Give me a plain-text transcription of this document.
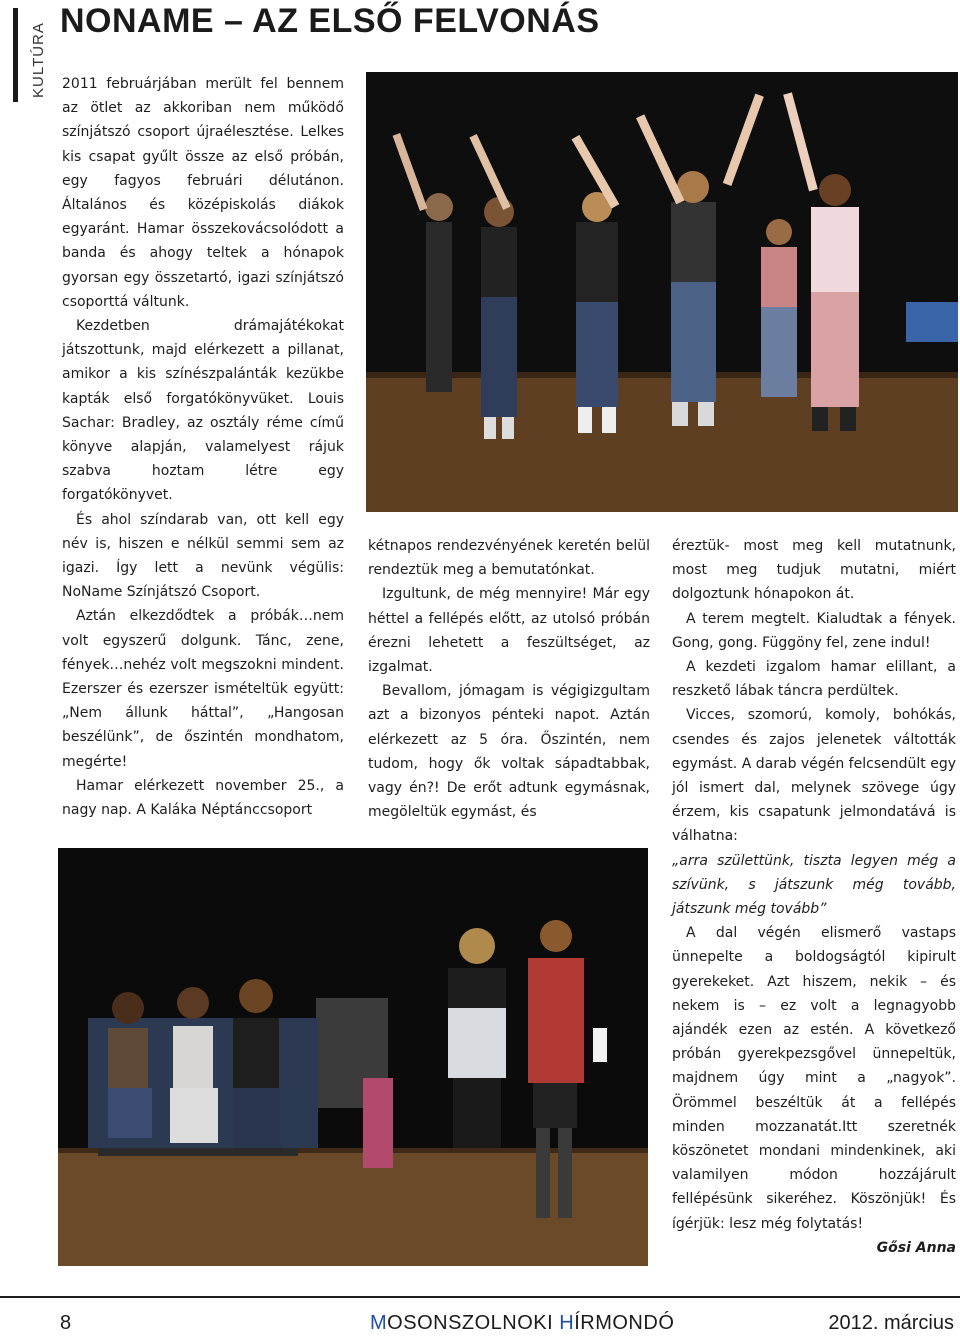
KULTÚRA
NONAME – AZ ELSŐ FELVONÁS

2011 februárjában merült fel bennem az ötlet az akkoriban nem működő színjátszó csoport újraélesztése. Lelkes kis csapat gyűlt össze az első próbán, egy fagyos februári délutánon. Általános és középiskolás diákok egyaránt. Hamar összekovácsolódott a banda és ahogy teltek a hónapok gyorsan egy összetartó, igazi színjátszó csoporttá váltunk.

Kezdetben drámajátékokat játszottunk, majd elérkezett a pillanat, amikor a kis színészpalánták kezükbe kapták első forgatókönyvüket. Louis Sachar: Bradley, az osztály réme című könyve alapján, valamelyest rájuk szabva hoztam létre egy forgatókönyvet.

És ahol színdarab van, ott kell egy név is, hiszen e nélkül semmi sem az igazi. Így lett a nevünk végülis: NoName Színjátszó Csoport.

Aztán elkezdődtek a próbák…nem volt egyszerű dolgunk. Tánc, zene, fények…nehéz volt megszokni mindent. Ezerszer és ezerszer ismételtük együtt: „Nem állunk háttal”, „Hangosan beszélünk”, de őszintén mondhatom, megérte!

Hamar elérkezett november 25., a nagy nap. A Kaláka Néptánccsoport

kétnapos rendezvényének keretén belül rendeztük meg a bemutatónkat.

Izgultunk, de még mennyire! Már egy héttel a fellépés előtt, az utolsó próbán érezni lehetett a feszültséget, az izgalmat.

Bevallom, jómagam is végigizgultam azt a bizonyos pénteki napot. Aztán elérkezett az 5 óra. Őszintén, nem tudom, hogy ők voltak sápadtabbak, vagy én?! De erőt adtunk egymásnak, megöleltük egymást, és

éreztük- most meg kell mutatnunk, most meg tudjuk mutatni, miért dolgoztunk hónapokon át.

A terem megtelt. Kialudtak a fények. Gong, gong. Függöny fel, zene indul!

A kezdeti izgalom hamar elillant, a reszkető lábak táncra perdültek.

Vicces, szomorú, komoly, bohókás, csendes és zajos jelenetek váltották egymást. A darab végén felcsendült egy jól ismert dal, melynek szövege úgy érzem, kis csapatunk jelmondatává is válhatna:

„arra születtünk, tiszta legyen még a szívünk, s játszunk még tovább, játszunk még tovább”

A dal végén elismerő vastaps ünnepelte a boldogságtól kipirult gyerekeket. Azt hiszem, nekik – és nekem is – ez volt a legnagyobb ajándék ezen az estén. A következő próbán gyerekpezsgővel ünnepeltük, majdnem úgy mint a „nagyok”. Örömmel beszéltük át a fellépés minden mozzanatát.Itt szeretnék köszönetet mondani mindenkinek, aki valamilyen módon hozzájárult fellépésünk sikeréhez. Köszönjük! És ígérjük: lesz még folytatás!

Gősi Anna

8	MOSONSZOLNOKI HÍRMONDÓ	2012. március
